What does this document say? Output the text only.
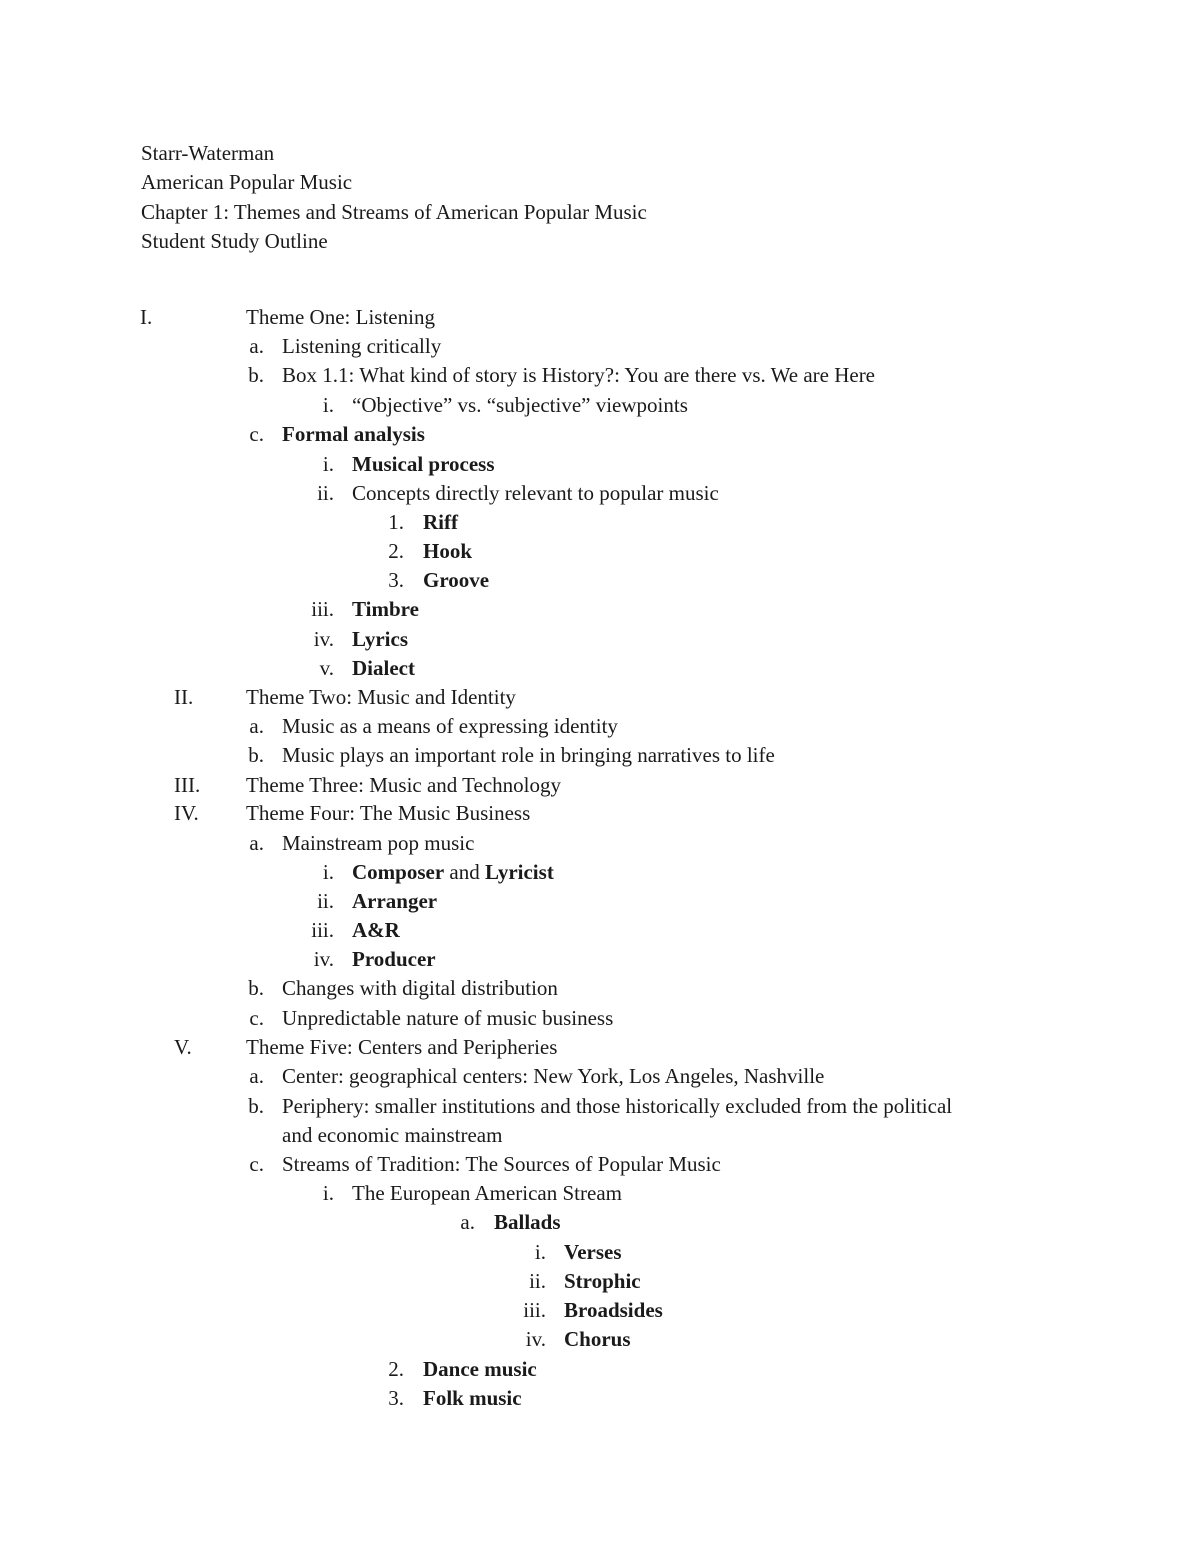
Starr-Waterman
American Popular Music
Chapter 1: Themes and Streams of American Popular Music
Student Study Outline
I.	Theme One: Listening
a. Listening critically
b. Box 1.1: What kind of story is History?: You are there vs. We are Here
i. “Objective” vs. “subjective” viewpoints
c. Formal analysis
i. Musical process
ii. Concepts directly relevant to popular music
1. Riff
2. Hook
3. Groove
iii. Timbre
iv. Lyrics
v. Dialect
II.	Theme Two: Music and Identity
a. Music as a means of expressing identity
b. Music plays an important role in bringing narratives to life
III.	Theme Three: Music and Technology
IV.	Theme Four: The Music Business
a. Mainstream pop music
i. Composer and Lyricist
ii. Arranger
iii. A&R
iv. Producer
b. Changes with digital distribution
c. Unpredictable nature of music business
V.	Theme Five: Centers and Peripheries
a. Center: geographical centers: New York, Los Angeles, Nashville
b. Periphery: smaller institutions and those historically excluded from the political
and economic mainstream
c. Streams of Tradition: The Sources of Popular Music
i. The European American Stream
a. Ballads
i. Verses
ii. Strophic
iii. Broadsides
iv. Chorus
2. Dance music
3. Folk music
